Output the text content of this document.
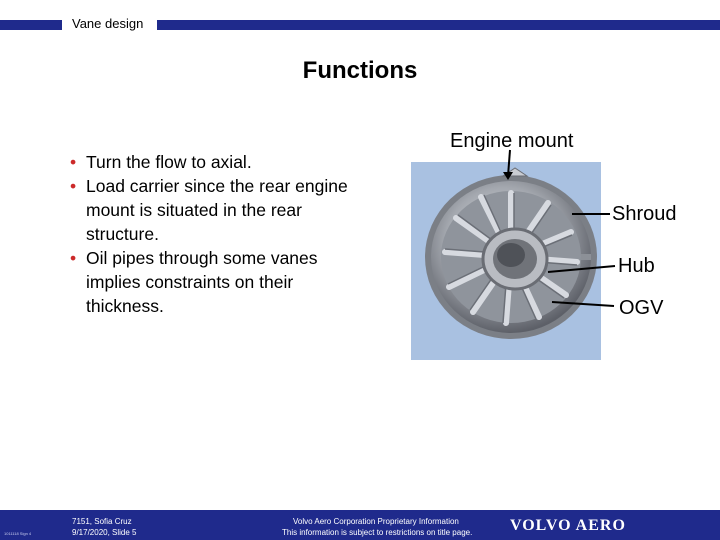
Vane design
Functions
• Turn the flow to axial.
• Load carrier since the rear engine mount is situated in the rear structure.
• Oil pipes through some vanes implies constraints on their thickness.
Engine mount
Shroud
Hub
OGV
1011118 Sign 4
7151, Sofia Cruz
9/17/2020, Slide 5
Volvo Aero Corporation Proprietary Information
This information is subject to restrictions on title page. VOLVO AERO
